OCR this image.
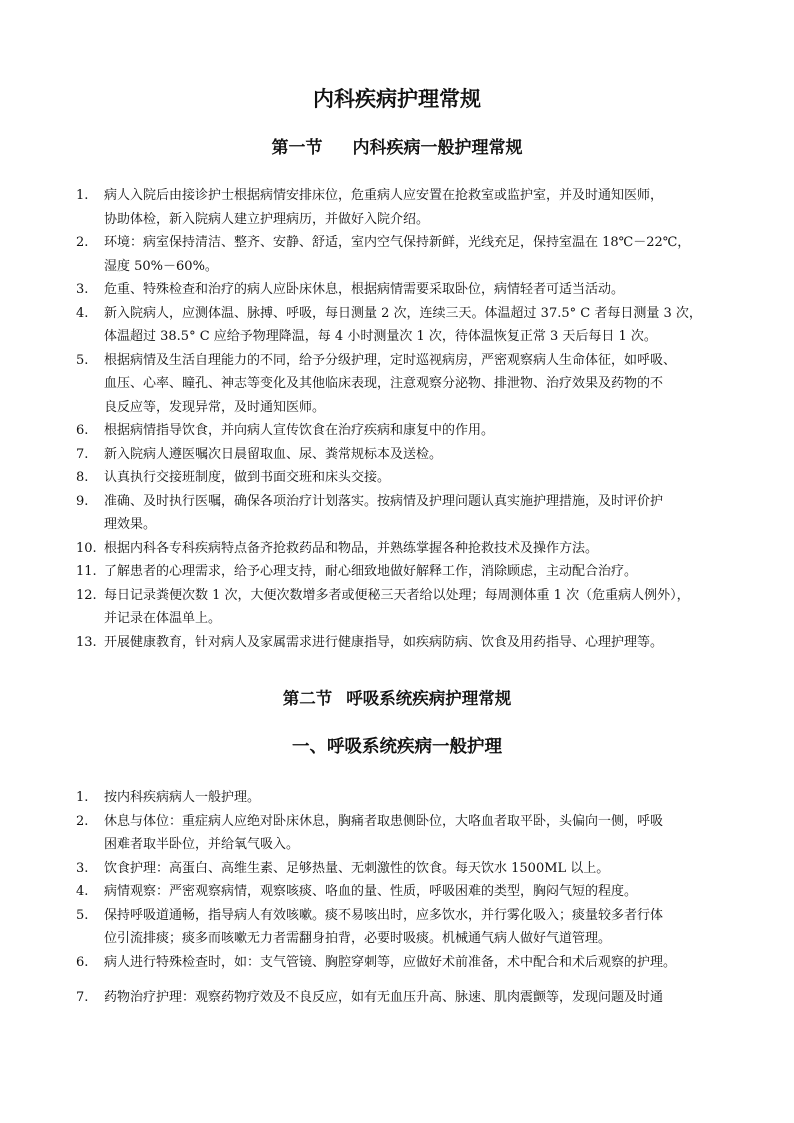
内科疾病护理常规
第一节 内科疾病一般护理常规
1. 病人入院后由接诊护士根据病情安排床位，危重病人应安置在抢救室或监护室，并及时通知医师，
协助体检，新入院病人建立护理病历，并做好入院介绍。
2. 环境：病室保持清洁、整齐、安静、舒适，室内空气保持新鲜，光线充足，保持室温在 18℃－22℃，
湿度 50%－60%。
3. 危重、特殊检查和治疗的病人应卧床休息，根据病情需要采取卧位，病情轻者可适当活动。
4. 新入院病人，应测体温、脉搏、呼吸，每日测量 2 次，连续三天。体温超过 37.5° C 者每日测量 3 次，
体温超过 38.5° C 应给予物理降温，每 4 小时测量次 1 次，待体温恢复正常 3 天后每日 1 次。
5. 根据病情及生活自理能力的不同，给予分级护理，定时巡视病房，严密观察病人生命体征，如呼吸、
血压、心率、瞳孔、神志等变化及其他临床表现，注意观察分泌物、排泄物、治疗效果及药物的不
良反应等，发现异常，及时通知医师。
6. 根据病情指导饮食，并向病人宣传饮食在治疗疾病和康复中的作用。
7. 新入院病人遵医嘱次日晨留取血、尿、粪常规标本及送检。
8. 认真执行交接班制度，做到书面交班和床头交接。
9. 准确、及时执行医嘱，确保各项治疗计划落实。按病情及护理问题认真实施护理措施，及时评价护
理效果。
10. 根据内科各专科疾病特点备齐抢救药品和物品，并熟练掌握各种抢救技术及操作方法。
11. 了解患者的心理需求，给予心理支持，耐心细致地做好解释工作，消除顾虑，主动配合治疗。
12. 每日记录粪便次数 1 次，大便次数增多者或便秘三天者给以处理；每周测体重 1 次（危重病人例外），
并记录在体温单上。
13. 开展健康教育，针对病人及家属需求进行健康指导，如疾病防病、饮食及用药指导、心理护理等。
第二节 呼吸系统疾病护理常规
一、呼吸系统疾病一般护理
1. 按内科疾病病人一般护理。
2. 休息与体位：重症病人应绝对卧床休息，胸痛者取患侧卧位，大咯血者取平卧，头偏向一侧，呼吸
困难者取半卧位，并给氧气吸入。
3. 饮食护理：高蛋白、高维生素、足够热量、无刺激性的饮食。每天饮水 1500ML 以上。
4. 病情观察：严密观察病情，观察咳痰、咯血的量、性质，呼吸困难的类型，胸闷气短的程度。
5. 保持呼吸道通畅，指导病人有效咳嗽。痰不易咳出时，应多饮水，并行雾化吸入；痰量较多者行体
位引流排痰；痰多而咳嗽无力者需翻身拍背，必要时吸痰。机械通气病人做好气道管理。
6. 病人进行特殊检查时，如：支气管镜、胸腔穿刺等，应做好术前准备，术中配合和术后观察的护理。
7. 药物治疗护理：观察药物疗效及不良反应，如有无血压升高、脉速、肌肉震颤等，发现问题及时通
